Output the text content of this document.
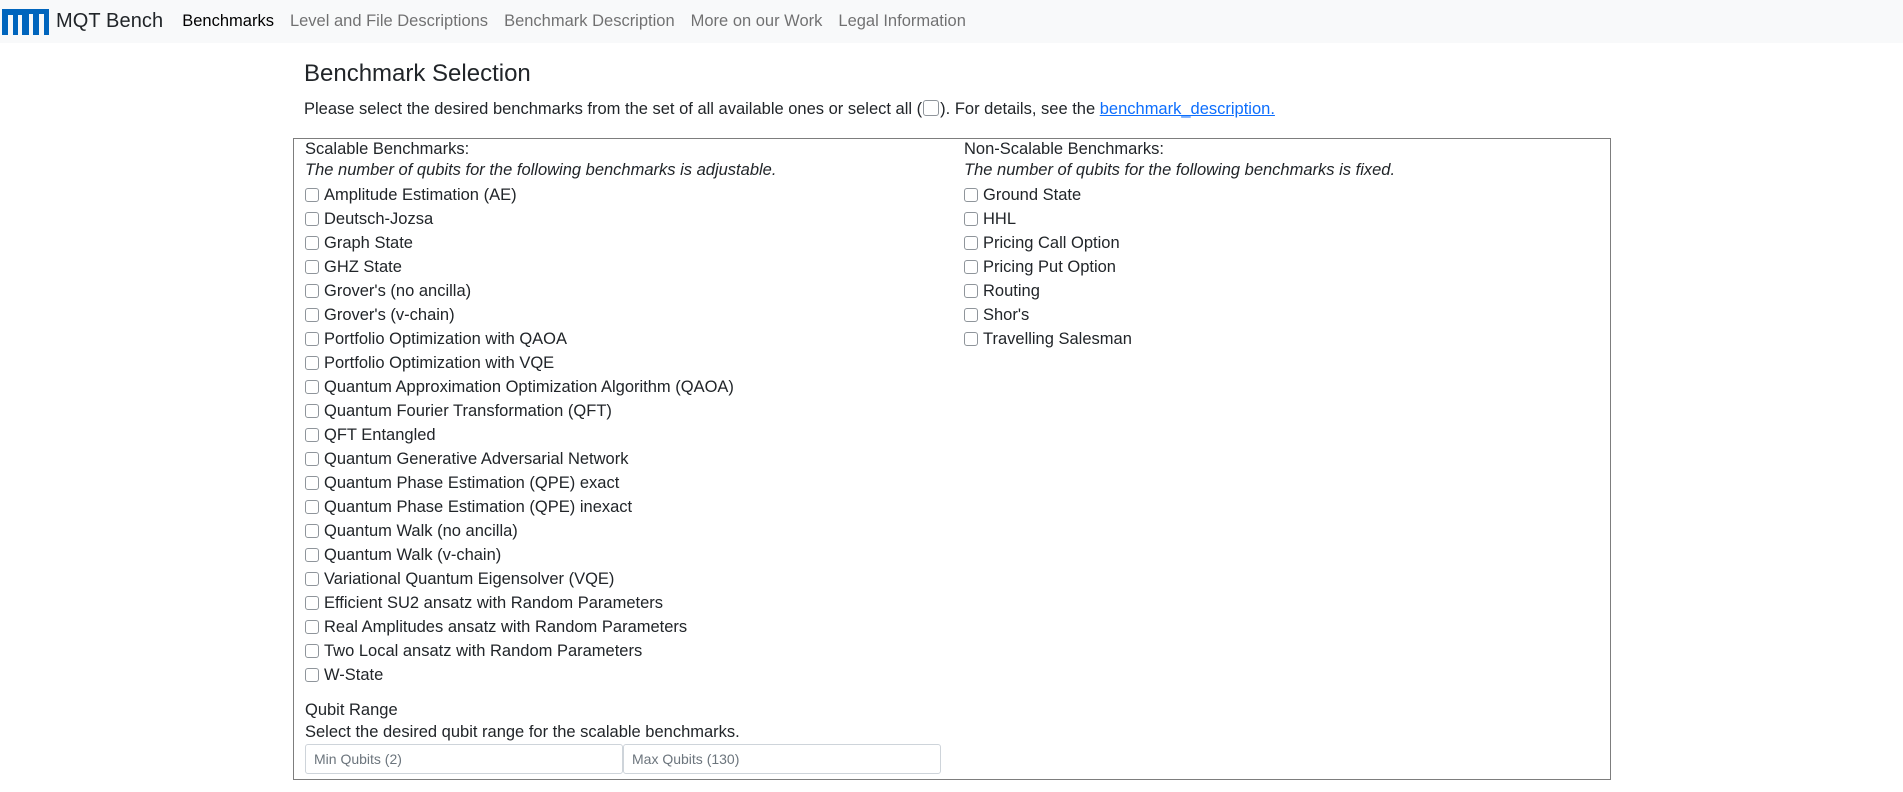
MQT Bench Benchmarks Level and File Descriptions Benchmark Description More on our Work Legal Information
Benchmark Selection
Please select the desired benchmarks from the set of all available ones or select all ( ). For details, see the benchmark_description.
Scalable Benchmarks:
The number of qubits for the following benchmarks is adjustable.
Amplitude Estimation (AE)
Deutsch-Jozsa
Graph State
GHZ State
Grover's (no ancilla)
Grover's (v-chain)
Portfolio Optimization with QAOA
Portfolio Optimization with VQE
Quantum Approximation Optimization Algorithm (QAOA)
Quantum Fourier Transformation (QFT)
QFT Entangled
Quantum Generative Adversarial Network
Quantum Phase Estimation (QPE) exact
Quantum Phase Estimation (QPE) inexact
Quantum Walk (no ancilla)
Quantum Walk (v-chain)
Variational Quantum Eigensolver (VQE)
Efficient SU2 ansatz with Random Parameters
Real Amplitudes ansatz with Random Parameters
Two Local ansatz with Random Parameters
W-State
Non-Scalable Benchmarks:
The number of qubits for the following benchmarks is fixed.
Ground State
HHL
Pricing Call Option
Pricing Put Option
Routing
Shor's
Travelling Salesman
Qubit Range
Select the desired qubit range for the scalable benchmarks.
Min Qubits (2)
Max Qubits (130)
